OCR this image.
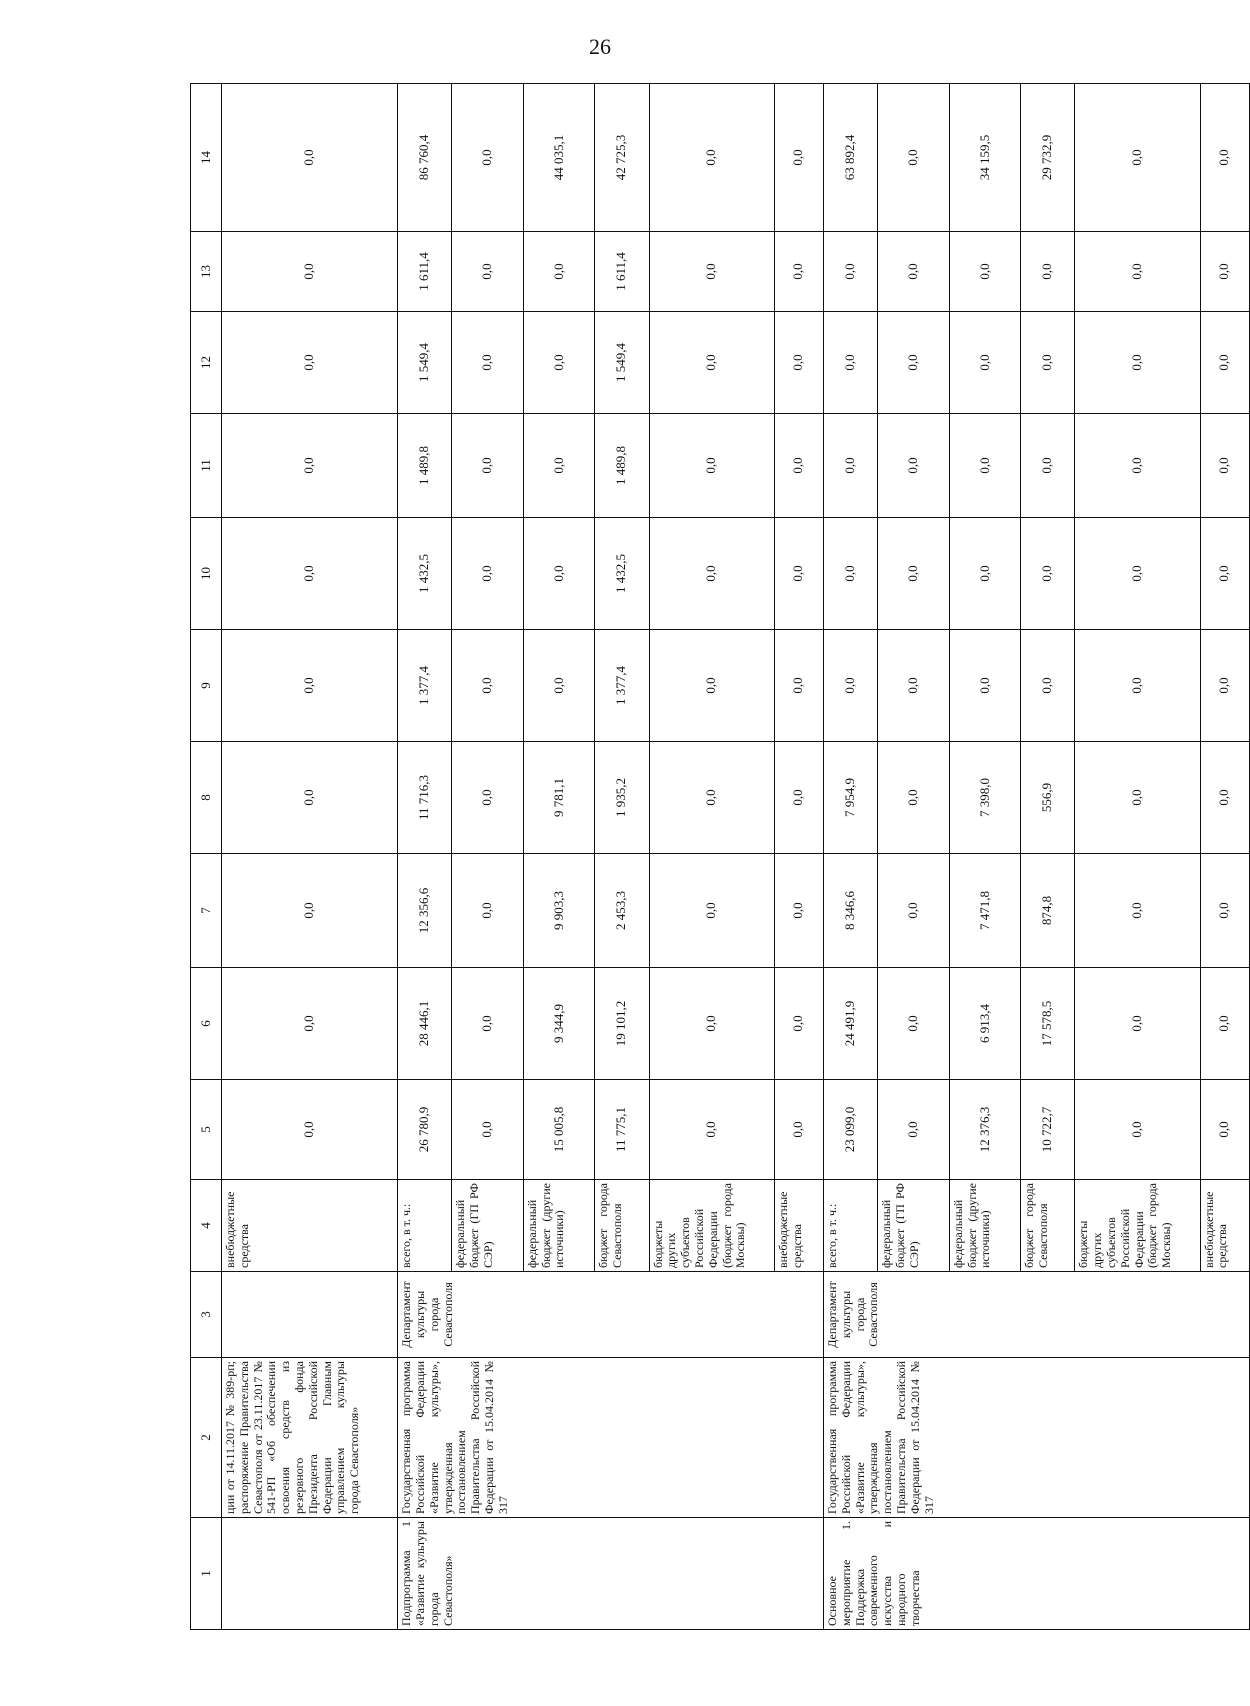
26
1	2	3	4	5	6	7	8	9	10	11	12	13	14
	ции от 14.11.2017 № 389-рп; распоряжение Правительства Севастополя от 23.11.2017 № 541-РП «Об обеспечении освоения средств из резервного фонда Президента Российской Федерации Главным управлением культуры города Севастополя»		внебюджетные средства	0,0	0,0	0,0	0,0	0,0	0,0	0,0	0,0	0,0	0,0
Подпрограмма 1 «Развитие культуры города Севастополя»	Государственная программа Российской Федерации «Развитие культуры», утвержденная постановлением Правительства Российской Федерации от 15.04.2014 № 317	Департамент культуры города Севастополя	всего, в т. ч.:	26 780,9	28 446,1	12 356,6	11 716,3	1 377,4	1 432,5	1 489,8	1 549,4	1 611,4	86 760,4
			федеральный бюджет (ГП РФ СЭР)	0,0	0,0	0,0	0,0	0,0	0,0	0,0	0,0	0,0	0,0
			федеральный бюджет (другие источники)	15 005,8	9 344,9	9 903,3	9 781,1	0,0	0,0	0,0	0,0	0,0	44 035,1
			бюджет города Севастополя	11 775,1	19 101,2	2 453,3	1 935,2	1 377,4	1 432,5	1 489,8	1 549,4	1 611,4	42 725,3
			бюджеты других субъектов Российской Федерации (бюджет города Москвы)	0,0	0,0	0,0	0,0	0,0	0,0	0,0	0,0	0,0	0,0
			внебюджетные средства	0,0	0,0	0,0	0,0	0,0	0,0	0,0	0,0	0,0	0,0
Основное мероприятие 1. Поддержка современного искусства и народного творчества	Государственная программа Российской Федерации «Развитие культуры», утвержденная постановлением Правительства Российской Федерации от 15.04.2014 № 317	Департамент культуры города Севастополя	всего, в т. ч.:	23 099,0	24 491,9	8 346,6	7 954,9	0,0	0,0	0,0	0,0	0,0	63 892,4
			федеральный бюджет (ГП РФ СЭР)	0,0	0,0	0,0	0,0	0,0	0,0	0,0	0,0	0,0	0,0
			федеральный бюджет (другие источники)	12 376,3	6 913,4	7 471,8	7 398,0	0,0	0,0	0,0	0,0	0,0	34 159,5
			бюджет города Севастополя	10 722,7	17 578,5	874,8	556,9	0,0	0,0	0,0	0,0	0,0	29 732,9
			бюджеты других субъектов Российской Федерации (бюджет города Москвы)	0,0	0,0	0,0	0,0	0,0	0,0	0,0	0,0	0,0	0,0
			внебюджетные средства	0,0	0,0	0,0	0,0	0,0	0,0	0,0	0,0	0,0	0,0
